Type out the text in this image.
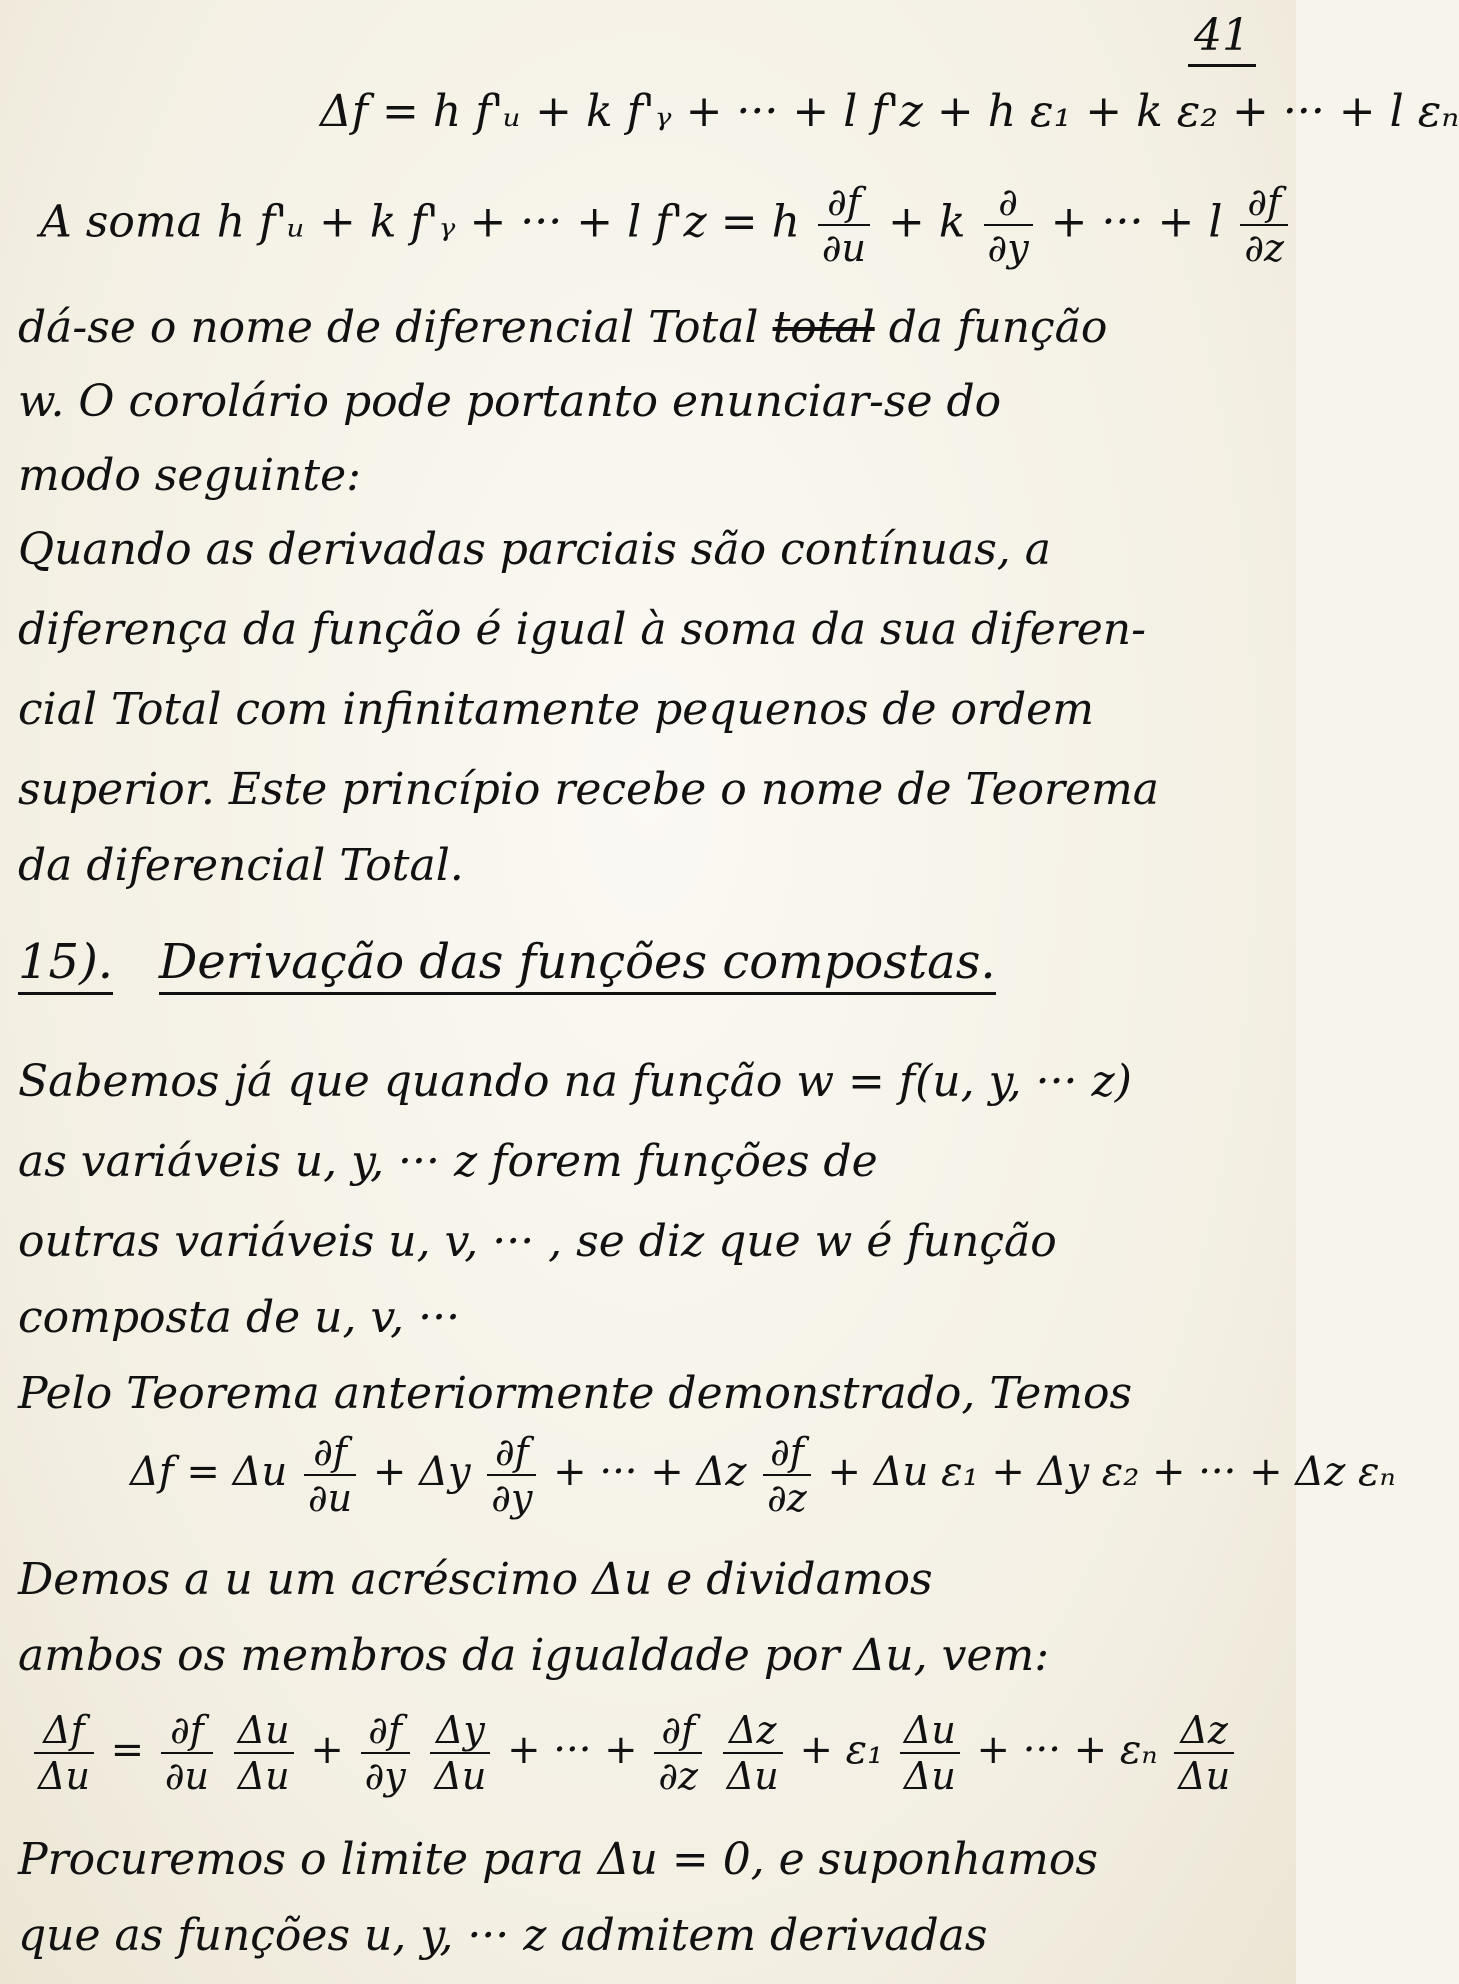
41
Δf = h f'ᵤ + k f'ᵧ + ··· + l f'z + h ε₁ + k ε₂ + ··· + l εₙ
A soma h f'ᵤ + k f'ᵧ + ··· + l f'z = h $\frac{\partial f}{\partial u} + k \frac{\partial}{\partial y}$ + ··· + l $\frac{\partial f}{\partial z}$
dá-se o nome de diferencial Total total da função
w. O corolário pode portanto enunciar-se do
modo seguinte:
Quando as derivadas parciais são contínuas, a
diferença da função é igual à soma da sua diferen-
cial Total com infinitamente pequenos de ordem
superior. Este princípio recebe o nome de Teorema
da diferencial Total.
15). Derivação das funções compostas.
Sabemos já que quando na função w = f(u, y, ··· z)
as variáveis u, y, ··· z forem funções de
outras variáveis u, v, ··· , se diz que w é função
composta de u, v, ···
Pelo Teorema anteriormente demonstrado, Temos
Δf = Δu $\frac{\partial f}{\partial u} + \Delta y \frac{\partial f}{\partial y}$ + ··· + Δz $\frac{\partial f}{\partial z} + \Delta u$ ε₁ + Δy ε₂ + ··· + Δz εₙ
Demos a u um acréscimo Δu e dividamos
ambos os membros da igualdade por Δu, vem:
$\frac{\Delta f}{\Delta u} = \frac{\partial f}{\partial u}$
$\frac{\Delta u}{\Delta u} + \frac{\partial f}{\partial y}$
$\frac{\Delta y}{\Delta u}$ + ··· + $\frac{\partial f}{\partial z}$
$\frac{\Delta z}{\Delta u} + \varepsilon_1 \frac{\Delta u}{\Delta u}$ + ··· + εₙ $\frac{\Delta z}{\Delta u}$
Procuremos o limite para Δu = 0, e suponhamos
que as funções u, y, ··· z admitem derivadas
